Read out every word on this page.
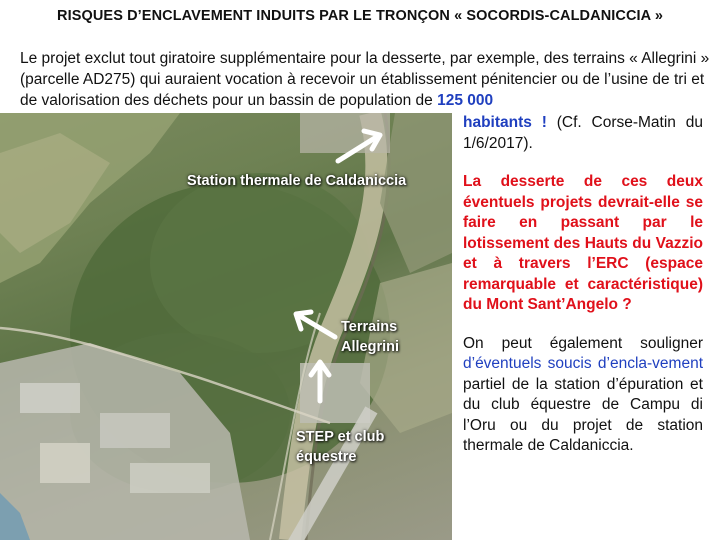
RISQUES D’ENCLAVEMENT INDUITS PAR LE TRONÇON « SOCORDIS-CALDANICCIA »
Le projet exclut tout giratoire supplémentaire pour la desserte, par exemple, des terrains « Allegrini » (parcelle AD275) qui auraient vocation à recevoir un établissement pénitencier ou de l’usine de tri et de valorisation des déchets pour un bassin de population de 125 000
Station thermale de Caldaniccia
Terrains Allegrini
STEP et club équestre

habitants ! (Cf. Corse-Matin du 1/6/2017).

La desserte de ces deux éventuels projets devrait-elle se faire en passant par le lotissement des Hauts du Vazzio et à travers l’ERC (espace remarquable et caractéristique) du Mont Sant’Angelo ?

On peut également souligner d’éventuels soucis d’encla-vement partiel de la station d’épuration et du club équestre de Campu di l’Oru ou du projet de station thermale de Caldaniccia.
